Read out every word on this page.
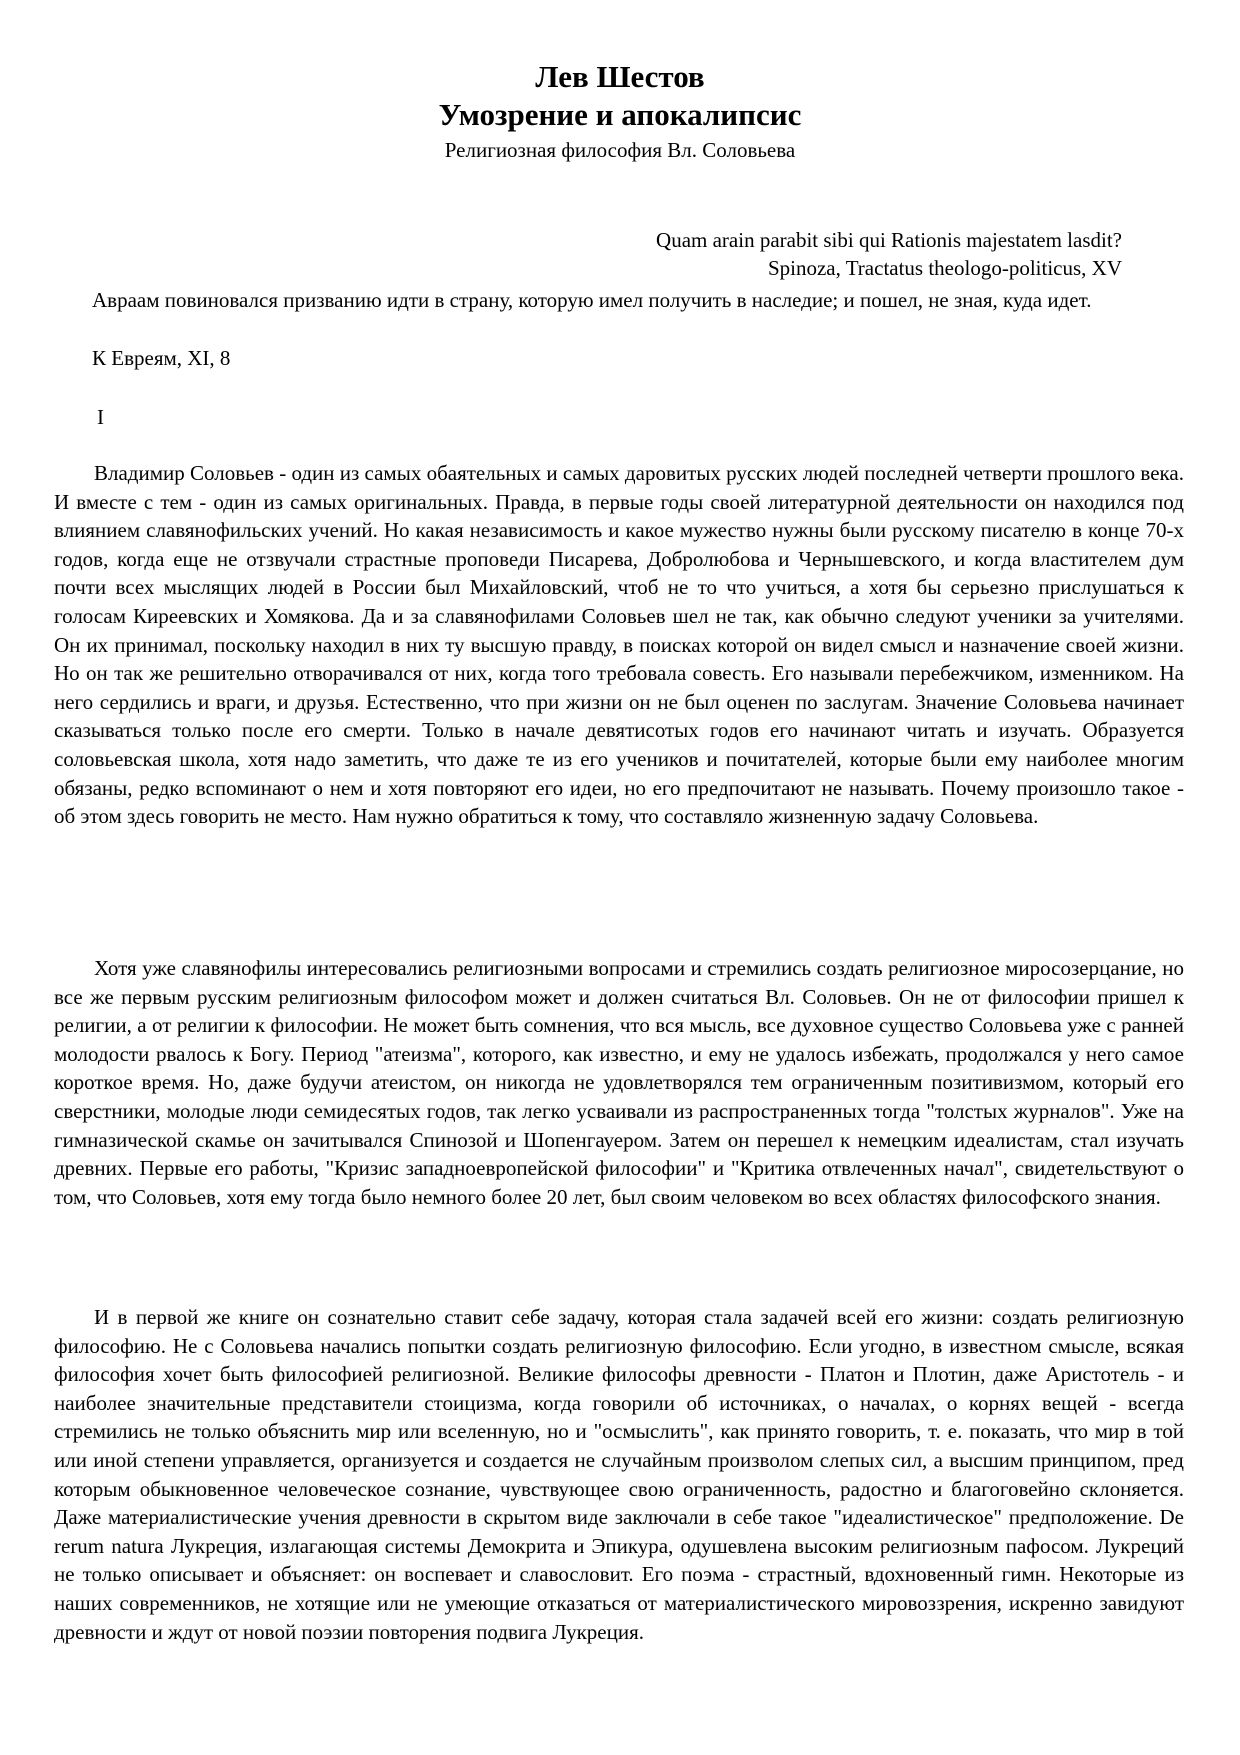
Лев Шестов
Умозрение и апокалипсис
Религиозная философия Вл. Соловьева
Quam arain parabit sibi qui Rationis majestatem lasdit?
Spinoza, Tractatus theologo-politicus, XV
Авраам повиновался призванию идти в страну, которую имел получить в наследие; и пошел, не зная, куда идет.
К Евреям, XI, 8
I
Владимир Соловьев - один из самых обаятельных и самых даровитых русских людей последней четверти прошлого века. И вместе с тем - один из самых оригинальных. Правда, в первые годы своей литературной деятельности он находился под влиянием славянофильских учений. Но какая независимость и какое мужество нужны были русскому писателю в конце 70-х годов, когда еще не отзвучали страстные проповеди Писарева, Добролюбова и Чернышевского, и когда властителем дум почти всех мыслящих людей в России был Михайловский, чтоб не то что учиться, а хотя бы серьезно прислушаться к голосам Киреевских и Хомякова. Да и за славянофилами Соловьев шел не так, как обычно следуют ученики за учителями. Он их принимал, поскольку находил в них ту высшую правду, в поисках которой он видел смысл и назначение своей жизни. Но он так же решительно отворачивался от них, когда того требовала совесть. Его называли перебежчиком, изменником. На него сердились и враги, и друзья. Естественно, что при жизни он не был оценен по заслугам. Значение Соловьева начинает сказываться только после его смерти. Только в начале девятисотых годов его начинают читать и изучать. Образуется соловьевская школа, хотя надо заметить, что даже те из его учеников и почитателей, которые были ему наиболее многим обязаны, редко вспоминают о нем и хотя повторяют его идеи, но его предпочитают не называть. Почему произошло такое - об этом здесь говорить не место. Нам нужно обратиться к тому, что составляло жизненную задачу Соловьева.
Хотя уже славянофилы интересовались религиозными вопросами и стремились создать религиозное миросозерцание, но все же первым русским религиозным философом может и должен считаться Вл. Соловьев. Он не от философии пришел к религии, а от религии к философии. Не может быть сомнения, что вся мысль, все духовное существо Соловьева уже с ранней молодости рвалось к Богу. Период "атеизма", которого, как известно, и ему не удалось избежать, продолжался у него самое короткое время. Но, даже будучи атеистом, он никогда не удовлетворялся тем ограниченным позитивизмом, который его сверстники, молодые люди семидесятых годов, так легко усваивали из распространенных тогда "толстых журналов". Уже на гимназической скамье он зачитывался Спинозой и Шопенгауером. Затем он перешел к немецким идеалистам, стал изучать древних. Первые его работы, "Кризис западноевропейской философии" и "Критика отвлеченных начал", свидетельствуют о том, что Соловьев, хотя ему тогда было немного более 20 лет, был своим человеком во всех областях философского знания.
И в первой же книге он сознательно ставит себе задачу, которая стала задачей всей его жизни: создать религиозную философию. Не с Соловьева начались попытки создать религиозную философию. Если угодно, в известном смысле, всякая философия хочет быть философией религиозной. Великие философы древности - Платон и Плотин, даже Аристотель - и наиболее значительные представители стоицизма, когда говорили об источниках, о началах, о корнях вещей - всегда стремились не только объяснить мир или вселенную, но и "осмыслить", как принято говорить, т. е. показать, что мир в той или иной степени управляется, организуется и создается не случайным произволом слепых сил, а высшим принципом, пред которым обыкновенное человеческое сознание, чувствующее свою ограниченность, радостно и благоговейно склоняется. Даже материалистические учения древности в скрытом виде заключали в себе такое "идеалистическое" предположение. De rerum natura Лукреция, излагающая системы Демокрита и Эпикура, одушевлена высоким религиозным пафосом. Лукреций не только описывает и объясняет: он воспевает и славословит. Его поэма - страстный, вдохновенный гимн. Некоторые из наших современников, не хотящие или не умеющие отказаться от материалистического мировоззрения, искренно завидуют древности и ждут от новой поэзии повторения подвига Лукреция.
